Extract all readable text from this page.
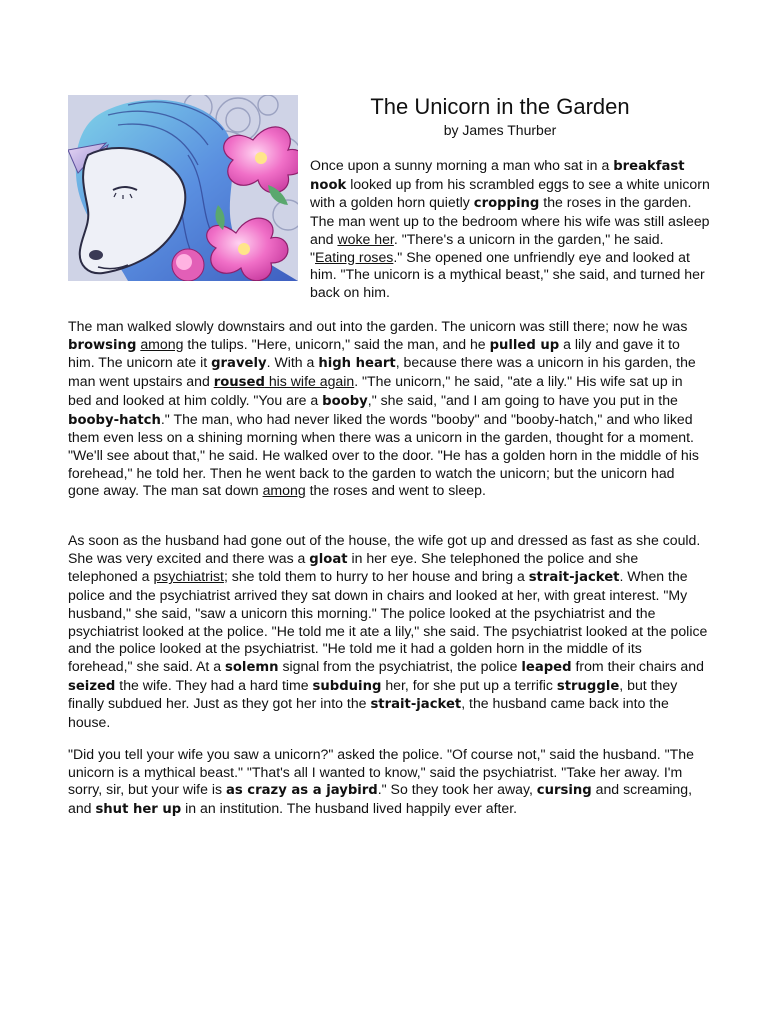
The Unicorn in the Garden
by James Thurber

Once upon a sunny morning a man who sat in a breakfast nook looked up from his scrambled eggs to see a white unicorn with a golden horn quietly cropping the roses in the garden. The man went up to the bedroom where his wife was still asleep and woke her. "There's a unicorn in the garden," he said. "Eating roses." She opened one unfriendly eye and looked at him. "The unicorn is a mythical beast," she said, and turned her back on him.

The man walked slowly downstairs and out into the garden. The unicorn was still there; now he was browsing among the tulips. "Here, unicorn," said the man, and he pulled up a lily and gave it to him. The unicorn ate it gravely. With a high heart, because there was a unicorn in his garden, the man went upstairs and roused his wife again. "The unicorn," he said, "ate a lily." His wife sat up in bed and looked at him coldly. "You are a booby," she said, "and I am going to have you put in the booby-hatch." The man, who had never liked the words "booby" and "booby-hatch," and who liked them even less on a shining morning when there was a unicorn in the garden, thought for a moment. "We'll see about that," he said. He walked over to the door. "He has a golden horn in the middle of his forehead," he told her. Then he went back to the garden to watch the unicorn; but the unicorn had gone away. The man sat down among the roses and went to sleep.

As soon as the husband had gone out of the house, the wife got up and dressed as fast as she could. She was very excited and there was a gloat in her eye. She telephoned the police and she telephoned a psychiatrist; she told them to hurry to her house and bring a strait-jacket. When the police and the psychiatrist arrived they sat down in chairs and looked at her, with great interest. "My husband," she said, "saw a unicorn this morning." The police looked at the psychiatrist and the psychiatrist looked at the police. "He told me it ate a lily," she said. The psychiatrist looked at the police and the police looked at the psychiatrist. "He told me it had a golden horn in the middle of its forehead," she said. At a solemn signal from the psychiatrist, the police leaped from their chairs and seized the wife. They had a hard time subduing her, for she put up a terrific struggle, but they finally subdued her. Just as they got her into the strait-jacket, the husband came back into the house.

"Did you tell your wife you saw a unicorn?" asked the police. "Of course not," said the husband. "The unicorn is a mythical beast." "That's all I wanted to know," said the psychiatrist. "Take her away. I'm sorry, sir, but your wife is as crazy as a jaybird." So they took her away, cursing and screaming, and shut her up in an institution. The husband lived happily ever after.
